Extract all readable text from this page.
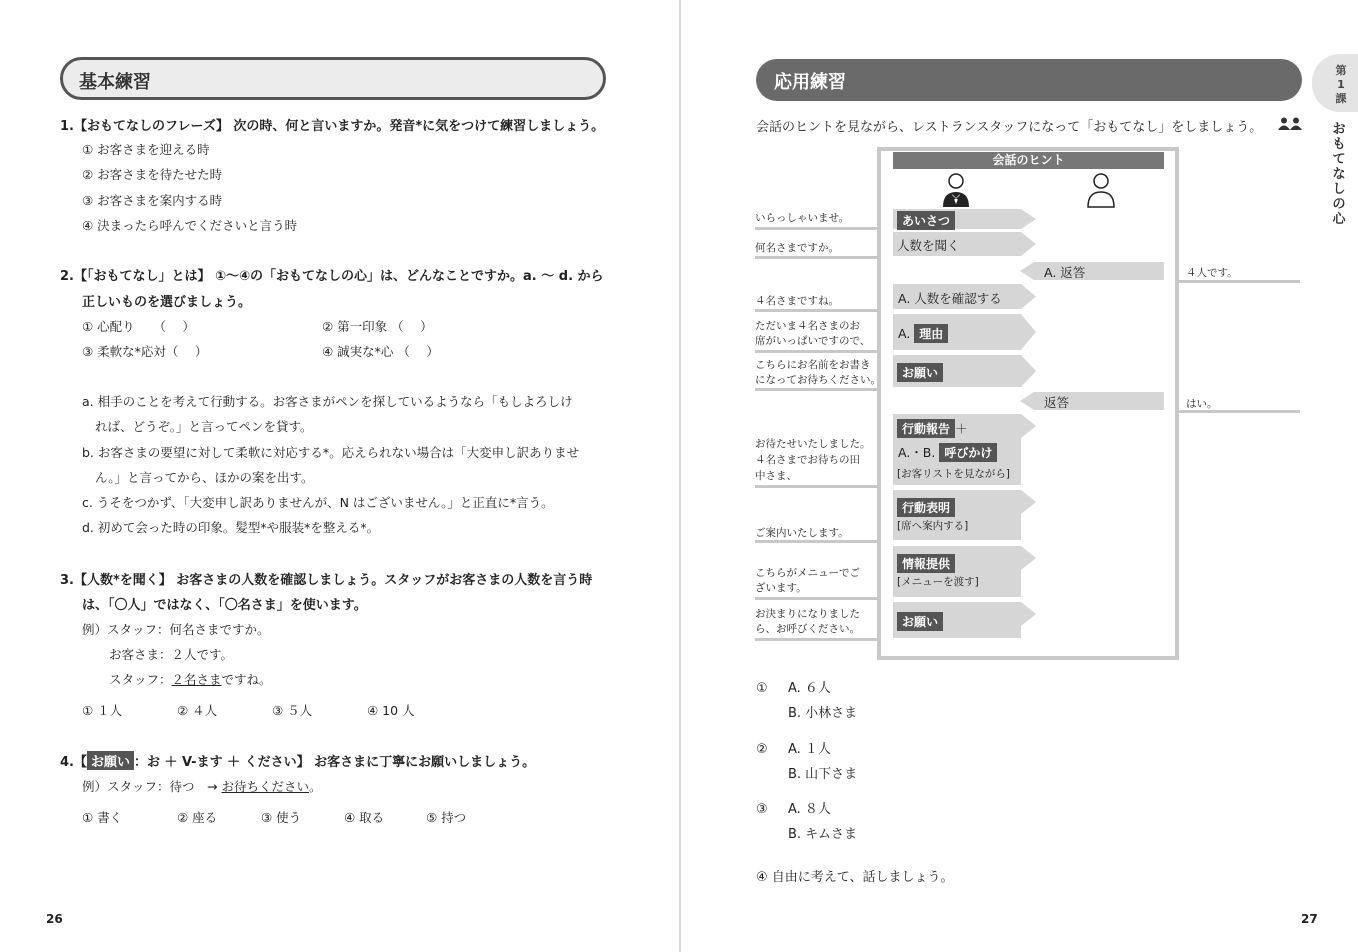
基本練習
1.【おもてなしのフレーズ】 次の時、何と言いますか。発音*に気をつけて練習しましょう。
① お客さまを迎える時
② お客さまを待たせた時
③ お客さまを案内する時
④ 決まったら呼んでくださいと言う時
2.【「おもてなし」とは】 ①〜④の「おもてなしの心」は、どんなことですか。a. 〜 d. から
正しいものを選びましょう。
① 心配り　　（　 ）	② 第一印象 （　 ）
③ 柔軟な*応対（　 ）	④ 誠実な*心 （　 ）
a. 相手のことを考えて行動する。お客さまがペンを探しているようなら「もしよろしけ
れば、どうぞ。」と言ってペンを貸す。
b. お客さまの要望に対して柔軟に対応する*。応えられない場合は「大変申し訳ありませ
ん。」と言ってから、ほかの案を出す。
c. うそをつかず、「大変申し訳ありませんが、N はございません。」と正直に*言う。
d. 初めて会った時の印象。髪型*や服装*を整える*。
3.【人数*を聞く】 お客さまの人数を確認しましょう。スタッフがお客さまの人数を言う時
は、「〇人」ではなく、「〇名さま」を使います。
例）スタッフ：何名さまですか。
お客さま：２人です。
スタッフ：２名さまですね。
① １人	② ４人	③ ５人	④ 10 人
4.【 お願い ：お ＋ V-ます ＋ ください】 お客さまに丁寧にお願いしましょう。
例）スタッフ：待つ　→ お待ちください。
① 書く	② 座る	③ 使う	④ 取る	⑤ 持つ
26
応用練習
第1課
おもてなしの心
会話のヒントを見ながら、レストランスタッフになって「おもてなし」をしましょう。
会話のヒント
いらっしゃいませ。
何名さまですか。
４名さまですね。
ただいま４名さまのお
席がいっぱいですので、
こちらにお名前をお書き
になってお待ちください。
お待たせいたしました。
４名さまでお待ちの田
中さま、
ご案内いたします。
こちらがメニューでご
ざいます。
お決まりになりました
ら、お呼びください。
４人です。
はい。
あいさつ
人数を聞く
A. 返答
A. 人数を確認する
A. 理由
お願い
返答
行動報告 ＋
A.・B. 呼びかけ
[お客リストを見ながら]
行動表明
[席へ案内する]
情報提供
[メニューを渡す]
お願い
① A. ６人
B. 小林さま
② A. １人
B. 山下さま
③ A. ８人
B. キムさま
④ 自由に考えて、話しましょう。
27
